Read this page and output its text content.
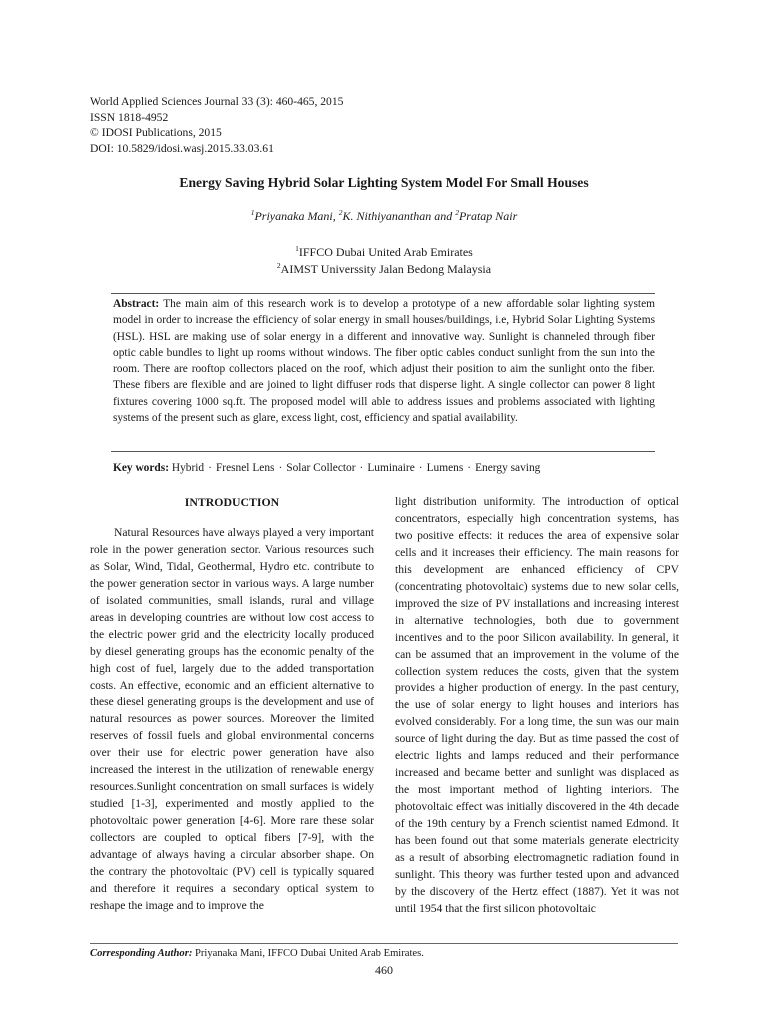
World Applied Sciences Journal 33 (3): 460-465, 2015
ISSN 1818-4952
© IDOSI Publications, 2015
DOI: 10.5829/idosi.wasj.2015.33.03.61
Energy Saving Hybrid Solar Lighting System Model For Small Houses
$^1$Priyanaka Mani, $^2$K. Nithiyananthan and $^2$Pratap Nair
$^1$IFFCO Dubai United Arab Emirates
$^2$AIMST Universsity Jalan Bedong Malaysia
Abstract: The main aim of this research work is to develop a prototype of a new affordable solar lighting system model in order to increase the efficiency of solar energy in small houses/buildings, i.e, Hybrid Solar Lighting Systems (HSL). HSL are making use of solar energy in a different and innovative way. Sunlight is channeled through fiber optic cable bundles to light up rooms without windows. The fiber optic cables conduct sunlight from the sun into the room. There are rooftop collectors placed on the roof, which adjust their position to aim the sunlight onto the fiber. These fibers are flexible and are joined to light diffuser rods that disperse light. A single collector can power 8 light fixtures covering 1000 sq.ft. The proposed model will able to address issues and problems associated with lighting systems of the present such as glare, excess light, cost, efficiency and spatial availability.
Key words: Hybrid · Fresnel Lens · Solar Collector · Luminaire · Lumens · Energy saving
INTRODUCTION

Natural Resources have always played a very important role in the power generation sector. Various resources such as Solar, Wind, Tidal, Geothermal, Hydro etc. contribute to the power generation sector in various ways. A large number of isolated communities, small islands, rural and village areas in developing countries are without low cost access to the electric power grid and the electricity locally produced by diesel generating groups has the economic penalty of the high cost of fuel, largely due to the added transportation costs. An effective, economic and an efficient alternative to these diesel generating groups is the development and use of natural resources as power sources. Moreover the limited reserves of fossil fuels and global environmental concerns over their use for electric power generation have also increased the interest in the utilization of renewable energy resources.Sunlight concentration on small surfaces is widely studied [1-3], experimented and mostly applied to the photovoltaic power generation [4-6]. More rare these solar collectors are coupled to optical fibers [7-9], with the advantage of always having a circular absorber shape. On the contrary the photovoltaic (PV) cell is typically squared and therefore it requires a secondary optical system to reshape the image and to improve the

light distribution uniformity. The introduction of optical concentrators, especially high concentration systems, has two positive effects: it reduces the area of expensive solar cells and it increases their efficiency. The main reasons for this development are enhanced efficiency of CPV (concentrating photovoltaic) systems due to new solar cells, improved the size of PV installations and increasing interest in alternative technologies, both due to government incentives and to the poor Silicon availability. In general, it can be assumed that an improvement in the volume of the collection system reduces the costs, given that the system provides a higher production of energy. In the past century, the use of solar energy to light houses and interiors has evolved considerably. For a long time, the sun was our main source of light during the day. But as time passed the cost of electric lights and lamps reduced and their performance increased and became better and sunlight was displaced as the most important method of lighting interiors. The photovoltaic effect was initially discovered in the 4th decade of the 19th century by a French scientist named Edmond. It has been found out that some materials generate electricity as a result of absorbing electromagnetic radiation found in sunlight. This theory was further tested upon and advanced by the discovery of the Hertz effect (1887). Yet it was not until 1954 that the first silicon photovoltaic

Corresponding Author: Priyanaka Mani, IFFCO Dubai United Arab Emirates.
460
